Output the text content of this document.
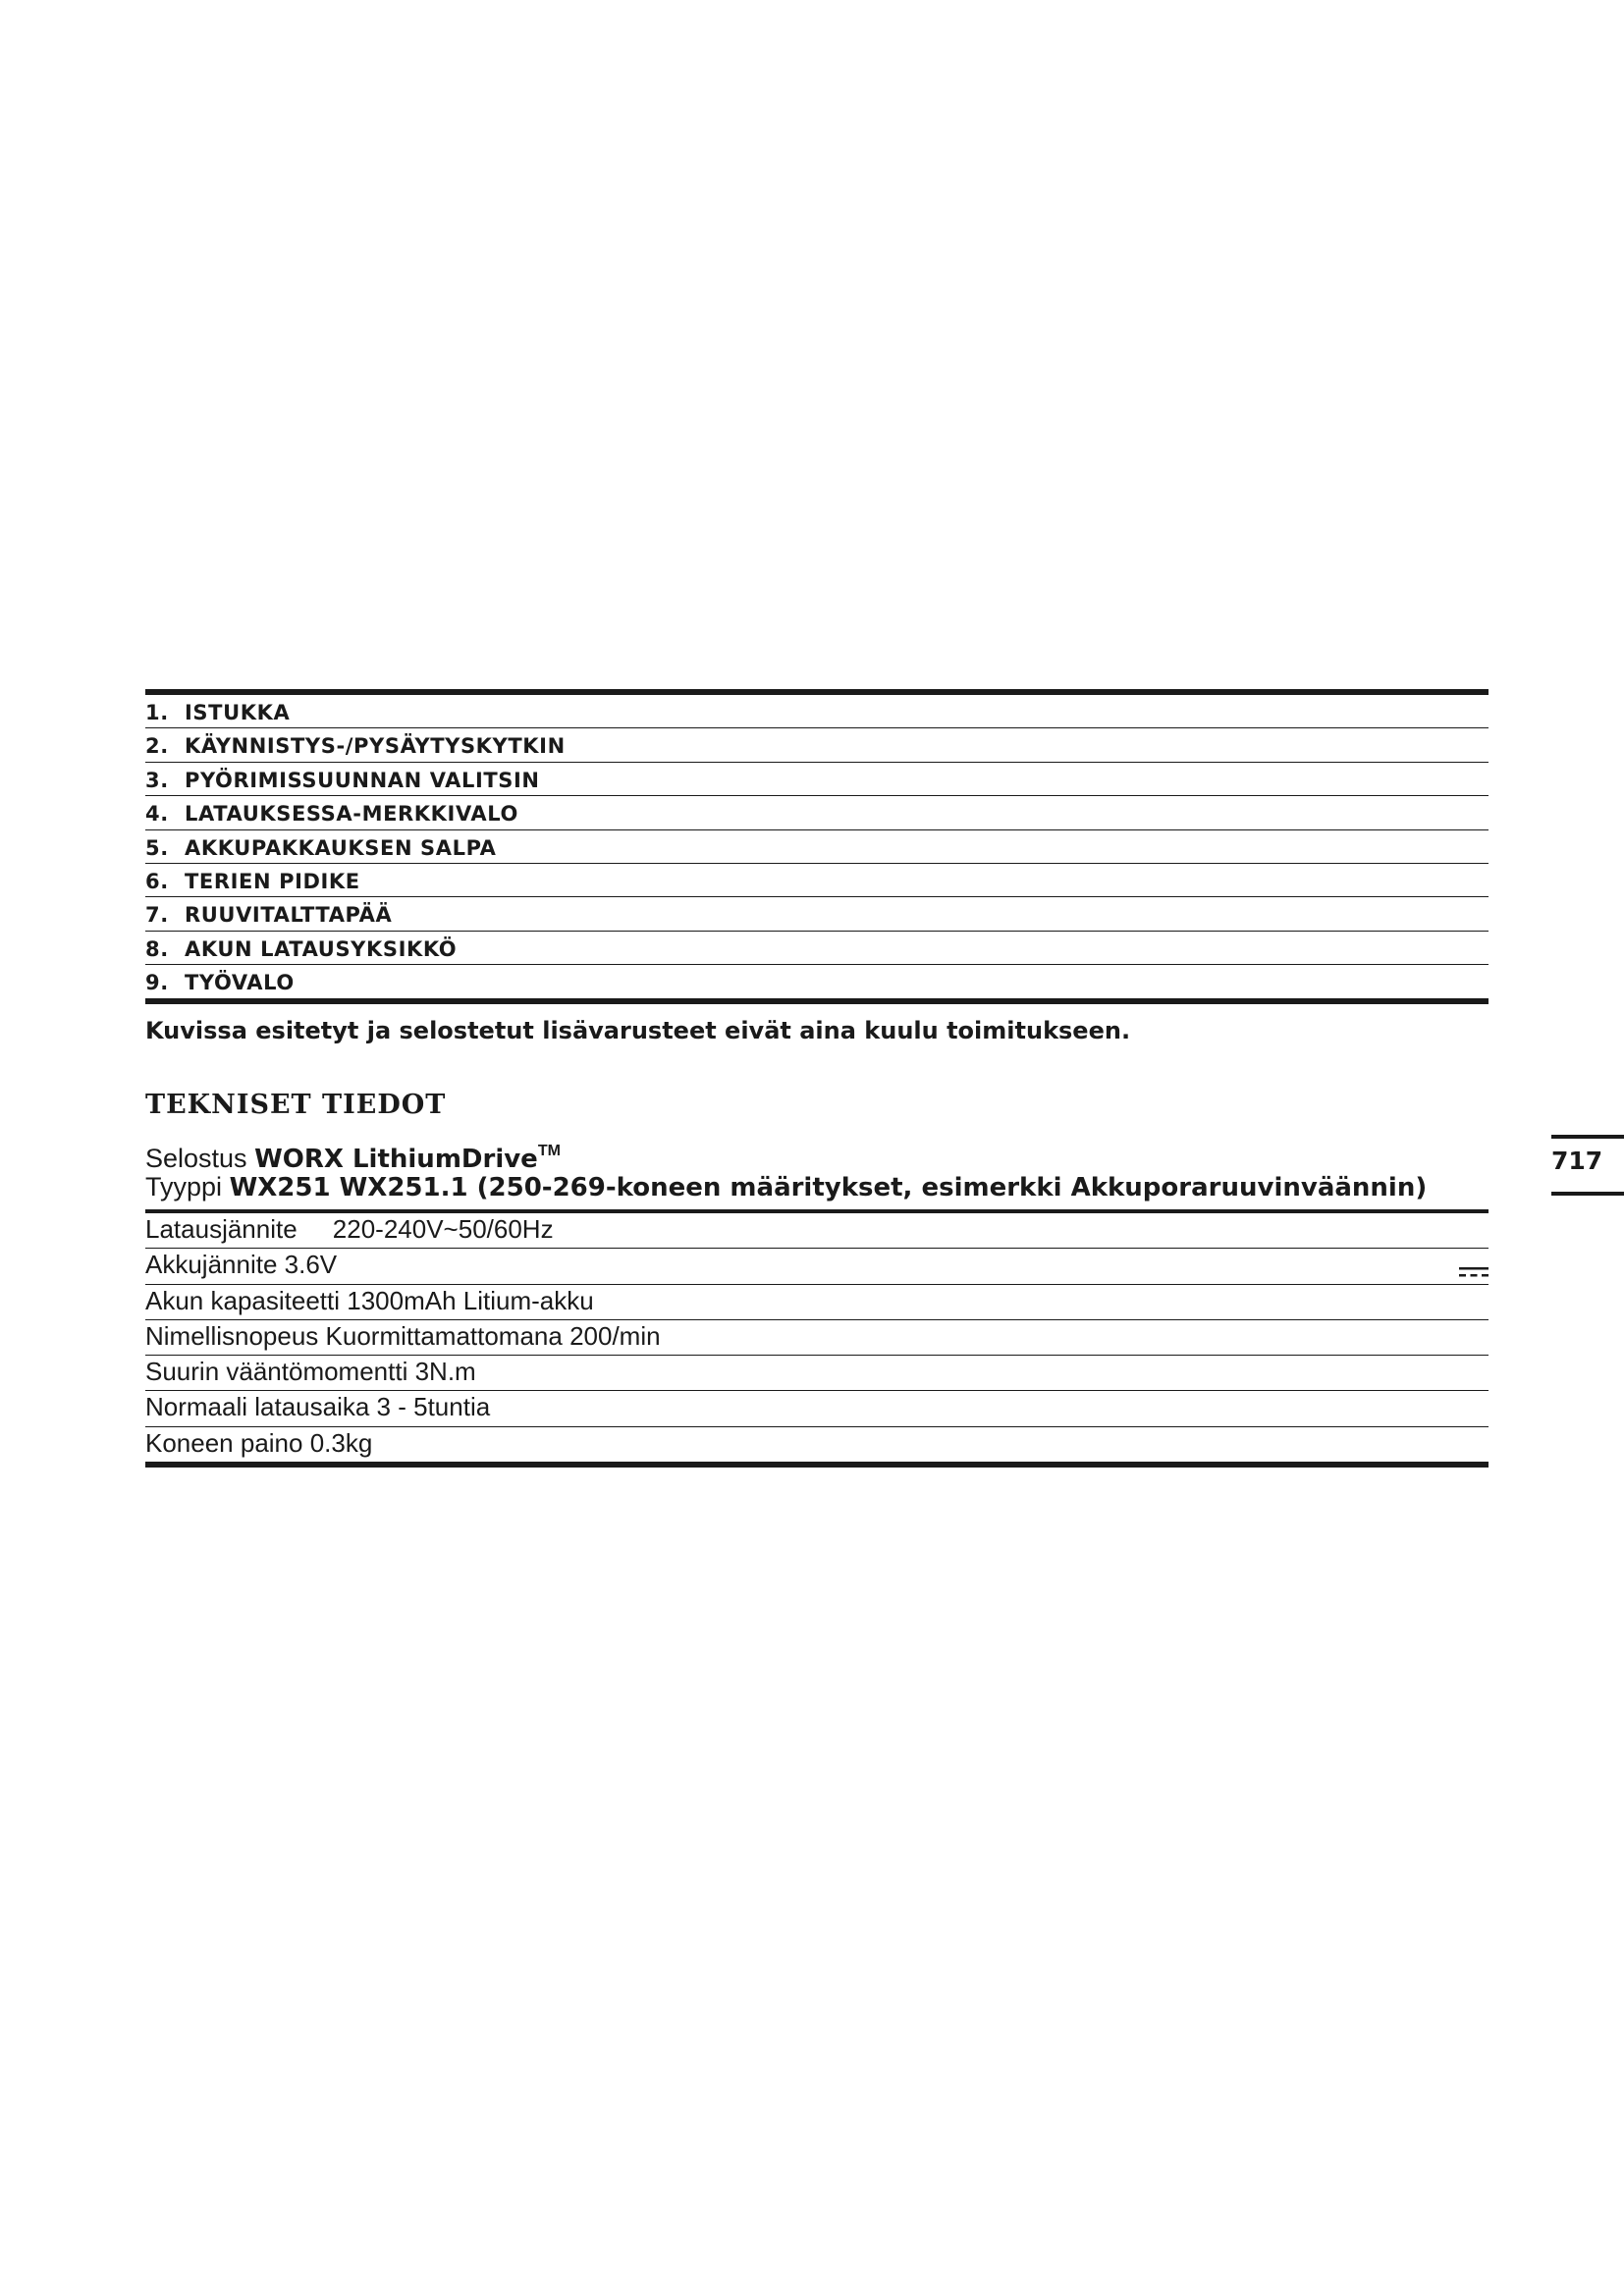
1. ISTUKKA
2. KÄYNNISTYS-/PYSÄYTYSKYTKIN
3. PYÖRIMISSUUNNAN VALITSIN
4. LATAUKSESSA-MERKKIVALO
5. AKKUPAKKAUKSEN SALPA
6. TERIEN PIDIKE
7. RUUVITALTTAPÄÄ
8. AKUN LATAUSYKSIKKÖ
9. TYÖVALO
Kuvissa esitetyt ja selostetut lisävarusteet eivät aina kuulu toimitukseen.
TEKNISET TIEDOT
Selostus WORX LithiumDrive™
Tyyppi WX251 WX251.1 (250-269-koneen määritykset, esimerkki Akkuporaruuvinväännin)
Latausjännite     220-240V~50/60Hz
Akkujännite 3.6V
Akun kapasiteetti 1300mAh Litium-akku
Nimellisnopeus Kuormittamattomana 200/min
Suurin vääntömomentti 3N.m
Normaali latausaika 3 - 5tuntia
Koneen paino 0.3kg
717
